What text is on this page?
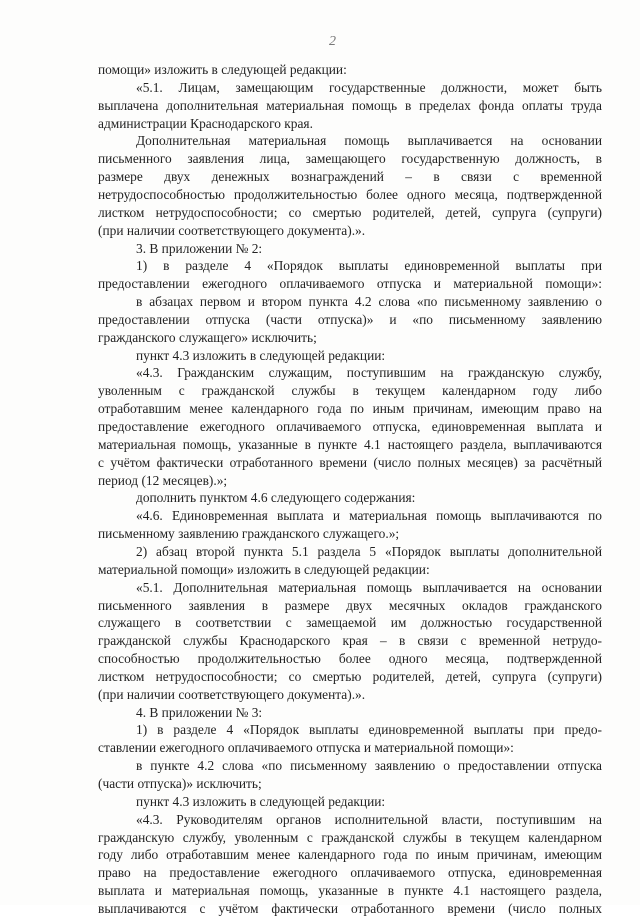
2
помощи» изложить в следующей редакции:
«5.1. Лицам, замещающим государственные должности, может быть
выплачена дополнительная материальная помощь в пределах фонда оплаты труда
администрации Краснодарского края.
Дополнительная материальная помощь выплачивается на основании
письменного заявления лица, замещающего государственную должность, в
размере двух денежных вознаграждений – в связи с временной
нетрудоспособностью продолжительностью более одного месяца, подтвержденной
листком нетрудоспособности; со смертью родителей, детей, супруга (супруги)
(при наличии соответствующего документа).».
3. В приложении № 2:
1) в разделе 4 «Порядок выплаты единовременной выплаты при
предоставлении ежегодного оплачиваемого отпуска и материальной помощи»:
в абзацах первом и втором пункта 4.2 слова «по письменному заявлению о
предоставлении отпуска (части отпуска)» и «по письменному заявлению
гражданского служащего» исключить;
пункт 4.3 изложить в следующей редакции:
«4.3. Гражданским служащим, поступившим на гражданскую службу,
уволенным с гражданской службы в текущем календарном году либо
отработавшим менее календарного года по иным причинам, имеющим право на
предоставление ежегодного оплачиваемого отпуска, единовременная выплата и
материальная помощь, указанные в пункте 4.1 настоящего раздела, выплачиваются
с учётом фактически отработанного времени (число полных месяцев) за расчётный
период (12 месяцев).»;
дополнить пунктом 4.6 следующего содержания:
«4.6. Единовременная выплата и материальная помощь выплачиваются по
письменному заявлению гражданского служащего.»;
2) абзац второй пункта 5.1 раздела 5 «Порядок выплаты дополнительной
материальной помощи» изложить в следующей редакции:
«5.1. Дополнительная материальная помощь выплачивается на основании
письменного заявления в размере двух месячных окладов гражданского
служащего в соответствии с замещаемой им должностью государственной
гражданской службы Краснодарского края – в связи с временной нетрудо-
способностью продолжительностью более одного месяца, подтвержденной
листком нетрудоспособности; со смертью родителей, детей, супруга (супруги)
(при наличии соответствующего документа).».
4. В приложении № 3:
1) в разделе 4 «Порядок выплаты единовременной выплаты при предо-
ставлении ежегодного оплачиваемого отпуска и материальной помощи»:
в пункте 4.2 слова «по письменному заявлению о предоставлении отпуска
(части отпуска)» исключить;
пункт 4.3 изложить в следующей редакции:
«4.3. Руководителям органов исполнительной власти, поступившим на
гражданскую службу, уволенным с гражданской службы в текущем календарном
году либо отработавшим менее календарного года по иным причинам, имеющим
право на предоставление ежегодного оплачиваемого отпуска, единовременная
выплата и материальная помощь, указанные в пункте 4.1 настоящего раздела,
выплачиваются с учётом фактически отработанного времени (число полных
